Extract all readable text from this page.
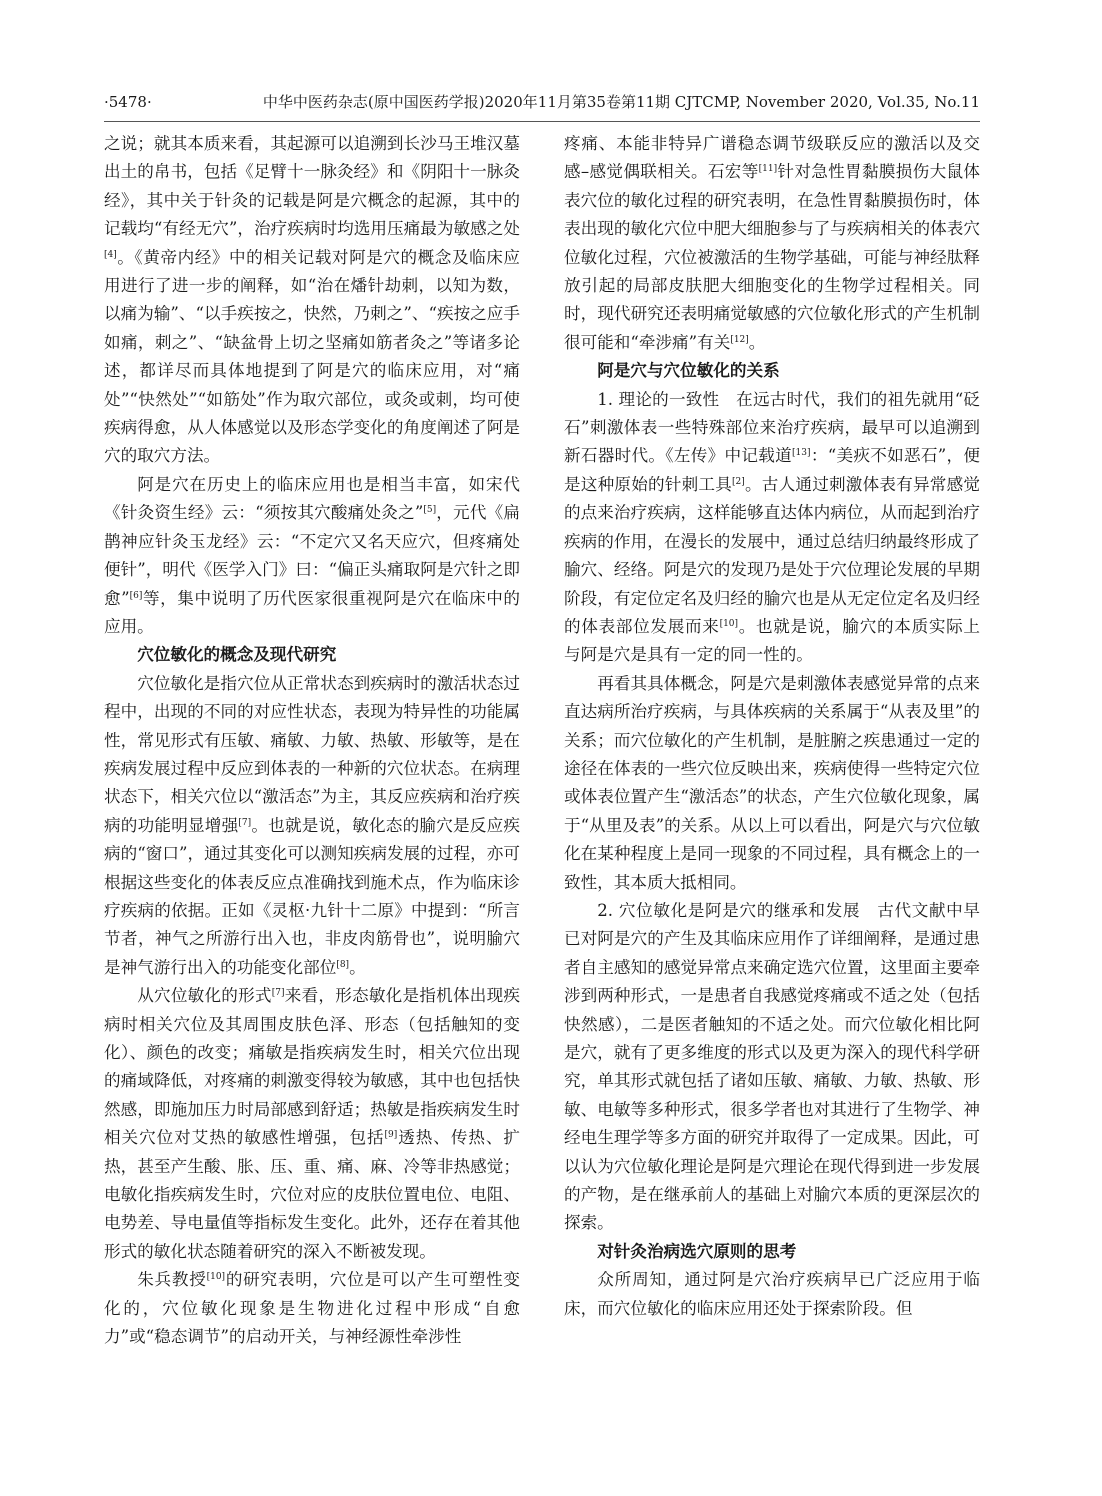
·5478·	中华中医药杂志(原中国医药学报)2020年11月第35卷第11期 CJTCMP, November 2020, Vol.35, No.11

之说；就其本质来看，其起源可以追溯到长沙马王堆汉墓出土的帛书，包括《足臂十一脉灸经》和《阴阳十一脉灸经》，其中关于针灸的记载是阿是穴概念的起源，其中的记载均“有经无穴”，治疗疾病时均选用压痛最为敏感之处[4]。《黄帝内经》中的相关记载对阿是穴的概念及临床应用进行了进一步的阐释，如“治在燔针劫刺，以知为数，以痛为输”、“以手疾按之，快然，乃刺之”、“疾按之应手如痛，刺之”、“缺盆骨上切之坚痛如筋者灸之”等诸多论述，都详尽而具体地提到了阿是穴的临床应用，对“痛处”“快然处”“如筋处”作为取穴部位，或灸或刺，均可使疾病得愈，从人体感觉以及形态学变化的角度阐述了阿是穴的取穴方法。

阿是穴在历史上的临床应用也是相当丰富，如宋代《针灸资生经》云：“须按其穴酸痛处灸之”[5]，元代《扁鹊神应针灸玉龙经》云：“不定穴又名天应穴，但疼痛处便针”，明代《医学入门》曰：“偏正头痛取阿是穴针之即愈”[6]等，集中说明了历代医家很重视阿是穴在临床中的应用。

穴位敏化的概念及现代研究

穴位敏化是指穴位从正常状态到疾病时的激活状态过程中，出现的不同的对应性状态，表现为特异性的功能属性，常见形式有压敏、痛敏、力敏、热敏、形敏等，是在疾病发展过程中反应到体表的一种新的穴位状态。在病理状态下，相关穴位以“激活态”为主，其反应疾病和治疗疾病的功能明显增强[7]。也就是说，敏化态的腧穴是反应疾病的“窗口”，通过其变化可以测知疾病发展的过程，亦可根据这些变化的体表反应点准确找到施术点，作为临床诊疗疾病的依据。正如《灵枢·九针十二原》中提到：“所言节者，神气之所游行出入也，非皮肉筋骨也”，说明腧穴是神气游行出入的功能变化部位[8]。

从穴位敏化的形式[7]来看，形态敏化是指机体出现疾病时相关穴位及其周围皮肤色泽、形态（包括触知的变化）、颜色的改变；痛敏是指疾病发生时，相关穴位出现的痛域降低，对疼痛的刺激变得较为敏感，其中也包括快然感，即施加压力时局部感到舒适；热敏是指疾病发生时相关穴位对艾热的敏感性增强，包括[9]透热、传热、扩热，甚至产生酸、胀、压、重、痛、麻、冷等非热感觉；电敏化指疾病发生时，穴位对应的皮肤位置电位、电阻、电势差、导电量值等指标发生变化。此外，还存在着其他形式的敏化状态随着研究的深入不断被发现。

朱兵教授[10]的研究表明，穴位是可以产生可塑性变化的，穴位敏化现象是生物进化过程中形成“自愈力”或“稳态调节”的启动开关，与神经源性牵涉性

疼痛、本能非特异广谱稳态调节级联反应的激活以及交感–感觉偶联相关。石宏等[11]针对急性胃黏膜损伤大鼠体表穴位的敏化过程的研究表明，在急性胃黏膜损伤时，体表出现的敏化穴位中肥大细胞参与了与疾病相关的体表穴位敏化过程，穴位被激活的生物学基础，可能与神经肽释放引起的局部皮肤肥大细胞变化的生物学过程相关。同时，现代研究还表明痛觉敏感的穴位敏化形式的产生机制很可能和“牵涉痛”有关[12]。

阿是穴与穴位敏化的关系

1. 理论的一致性　在远古时代，我们的祖先就用“砭石”刺激体表一些特殊部位来治疗疾病，最早可以追溯到新石器时代。《左传》中记载道[13]：“美疢不如恶石”，便是这种原始的针刺工具[2]。古人通过刺激体表有异常感觉的点来治疗疾病，这样能够直达体内病位，从而起到治疗疾病的作用，在漫长的发展中，通过总结归纳最终形成了腧穴、经络。阿是穴的发现乃是处于穴位理论发展的早期阶段，有定位定名及归经的腧穴也是从无定位定名及归经的体表部位发展而来[10]。也就是说，腧穴的本质实际上与阿是穴是具有一定的同一性的。

再看其具体概念，阿是穴是刺激体表感觉异常的点来直达病所治疗疾病，与具体疾病的关系属于“从表及里”的关系；而穴位敏化的产生机制，是脏腑之疾患通过一定的途径在体表的一些穴位反映出来，疾病使得一些特定穴位或体表位置产生“激活态”的状态，产生穴位敏化现象，属于“从里及表”的关系。从以上可以看出，阿是穴与穴位敏化在某种程度上是同一现象的不同过程，具有概念上的一致性，其本质大抵相同。

2. 穴位敏化是阿是穴的继承和发展　古代文献中早已对阿是穴的产生及其临床应用作了详细阐释，是通过患者自主感知的感觉异常点来确定选穴位置，这里面主要牵涉到两种形式，一是患者自我感觉疼痛或不适之处（包括快然感），二是医者触知的不适之处。而穴位敏化相比阿是穴，就有了更多维度的形式以及更为深入的现代科学研究，单其形式就包括了诸如压敏、痛敏、力敏、热敏、形敏、电敏等多种形式，很多学者也对其进行了生物学、神经电生理学等多方面的研究并取得了一定成果。因此，可以认为穴位敏化理论是阿是穴理论在现代得到进一步发展的产物，是在继承前人的基础上对腧穴本质的更深层次的探索。

对针灸治病选穴原则的思考

众所周知，通过阿是穴治疗疾病早已广泛应用于临床，而穴位敏化的临床应用还处于探索阶段。但
